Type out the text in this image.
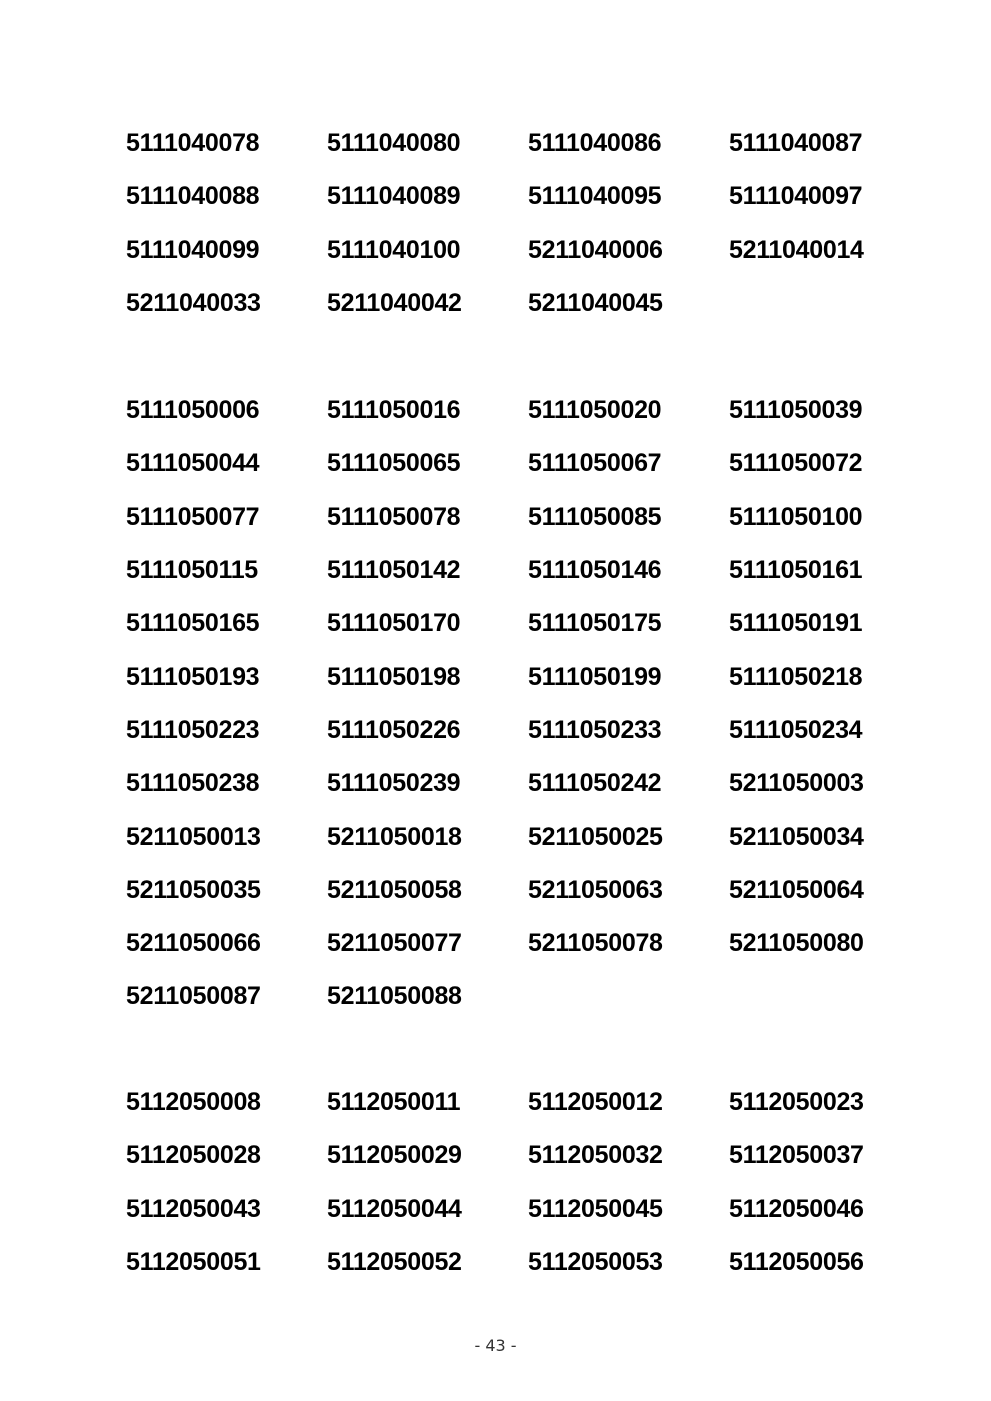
5111040078	5111040080	5111040086	5111040087
5111040088	5111040089	5111040095	5111040097
5111040099	5111040100	5211040006	5211040014
5211040033	5211040042	5211040045
5111050006	5111050016	5111050020	5111050039
5111050044	5111050065	5111050067	5111050072
5111050077	5111050078	5111050085	5111050100
5111050115	5111050142	5111050146	5111050161
5111050165	5111050170	5111050175	5111050191
5111050193	5111050198	5111050199	5111050218
5111050223	5111050226	5111050233	5111050234
5111050238	5111050239	5111050242	5211050003
5211050013	5211050018	5211050025	5211050034
5211050035	5211050058	5211050063	5211050064
5211050066	5211050077	5211050078	5211050080
5211050087	5211050088
5112050008	5112050011	5112050012	5112050023
5112050028	5112050029	5112050032	5112050037
5112050043	5112050044	5112050045	5112050046
5112050051	5112050052	5112050053	5112050056
- 43 -
